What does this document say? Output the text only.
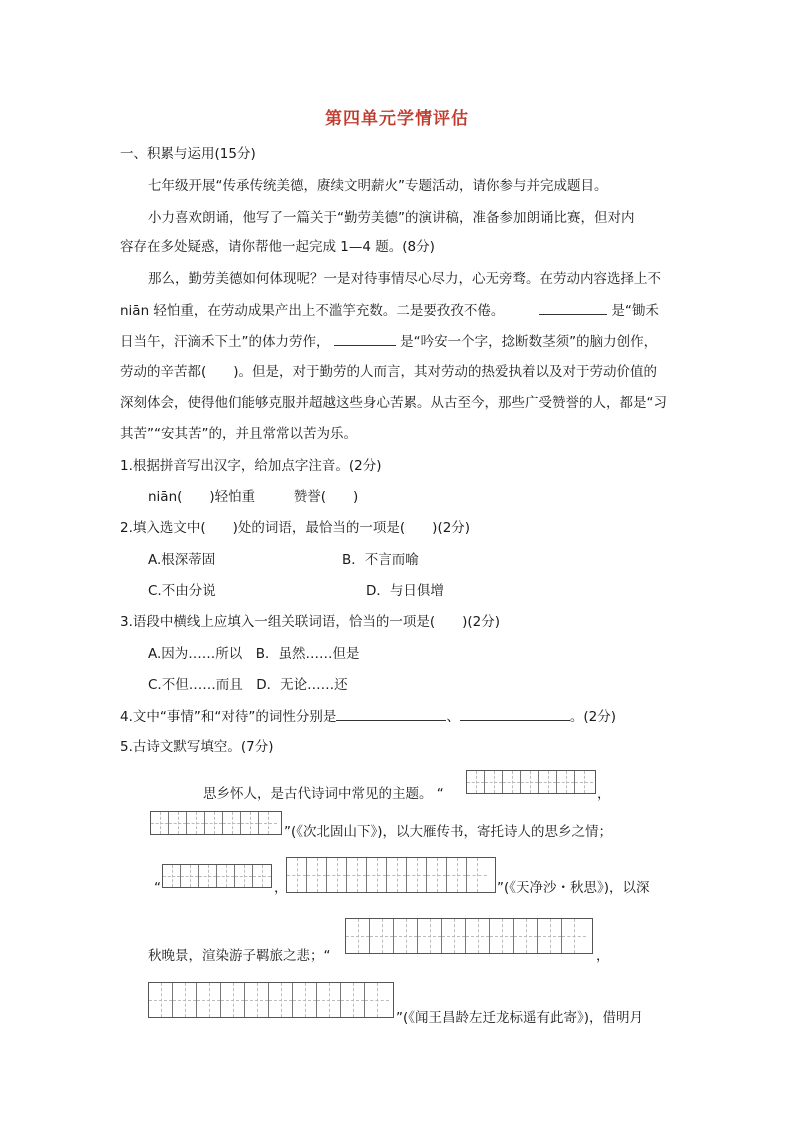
第四单元学情评估
一、积累与运用(15分)
七年级开展“传承传统美德，赓续文明薪火”专题活动，请你参与并完成题目。
小力喜欢朗诵，他写了一篇关于“勤劳美德”的演讲稿，准备参加朗诵比赛，但对内
容存在多处疑惑，请你帮他一起完成 1—4 题。(8分)
那么，勤劳美德如何体现呢？一是对待事情尽心尽力，心无旁骛。在劳动内容选择上不
niān 轻怕重，在劳动成果产出上不滥竽充数。二是要孜孜不倦。	是“锄禾
日当午，汗滴禾下土”的体力劳作，	是“吟安一个字，捻断数茎须”的脑力创作，
劳动的辛苦都(　　)。但是，对于勤劳的人而言，其对劳动的热爱执着以及对于劳动价值的
深刻体会，使得他们能够克服并超越这些身心苦累。从古至今，那些广受赞誉的人，都是“习
其苦”“安其苦”的，并且常常以苦为乐。
1.根据拼音写出汉字，给加点字注音。(2分)
niān(　　)轻怕重	赞誉(　　)
2.填入选文中(　　)处的词语，最恰当的一项是(　　)(2分)
A.根深蒂固	B．不言而喻
C.不由分说	D．与日俱增
3.语段中横线上应填入一组关联词语，恰当的一项是(　　)(2分)
A.因为……所以　B．虽然……但是
C.不但……而且　D．无论……还
4.文中“事情”和“对待”的词性分别是	、	。(2分)
5.古诗文默写填空。(7分)
思乡怀人，是古代诗词中常见的主题。 “	，
”(《次北固山下》)，以大雁传书，寄托诗人的思乡之情；
“	，	”(《天净沙・秋思》)，以深
秋晚景，渲染游子羁旅之悲；“	，
”(《闻王昌龄左迁龙标遥有此寄》)，借明月
